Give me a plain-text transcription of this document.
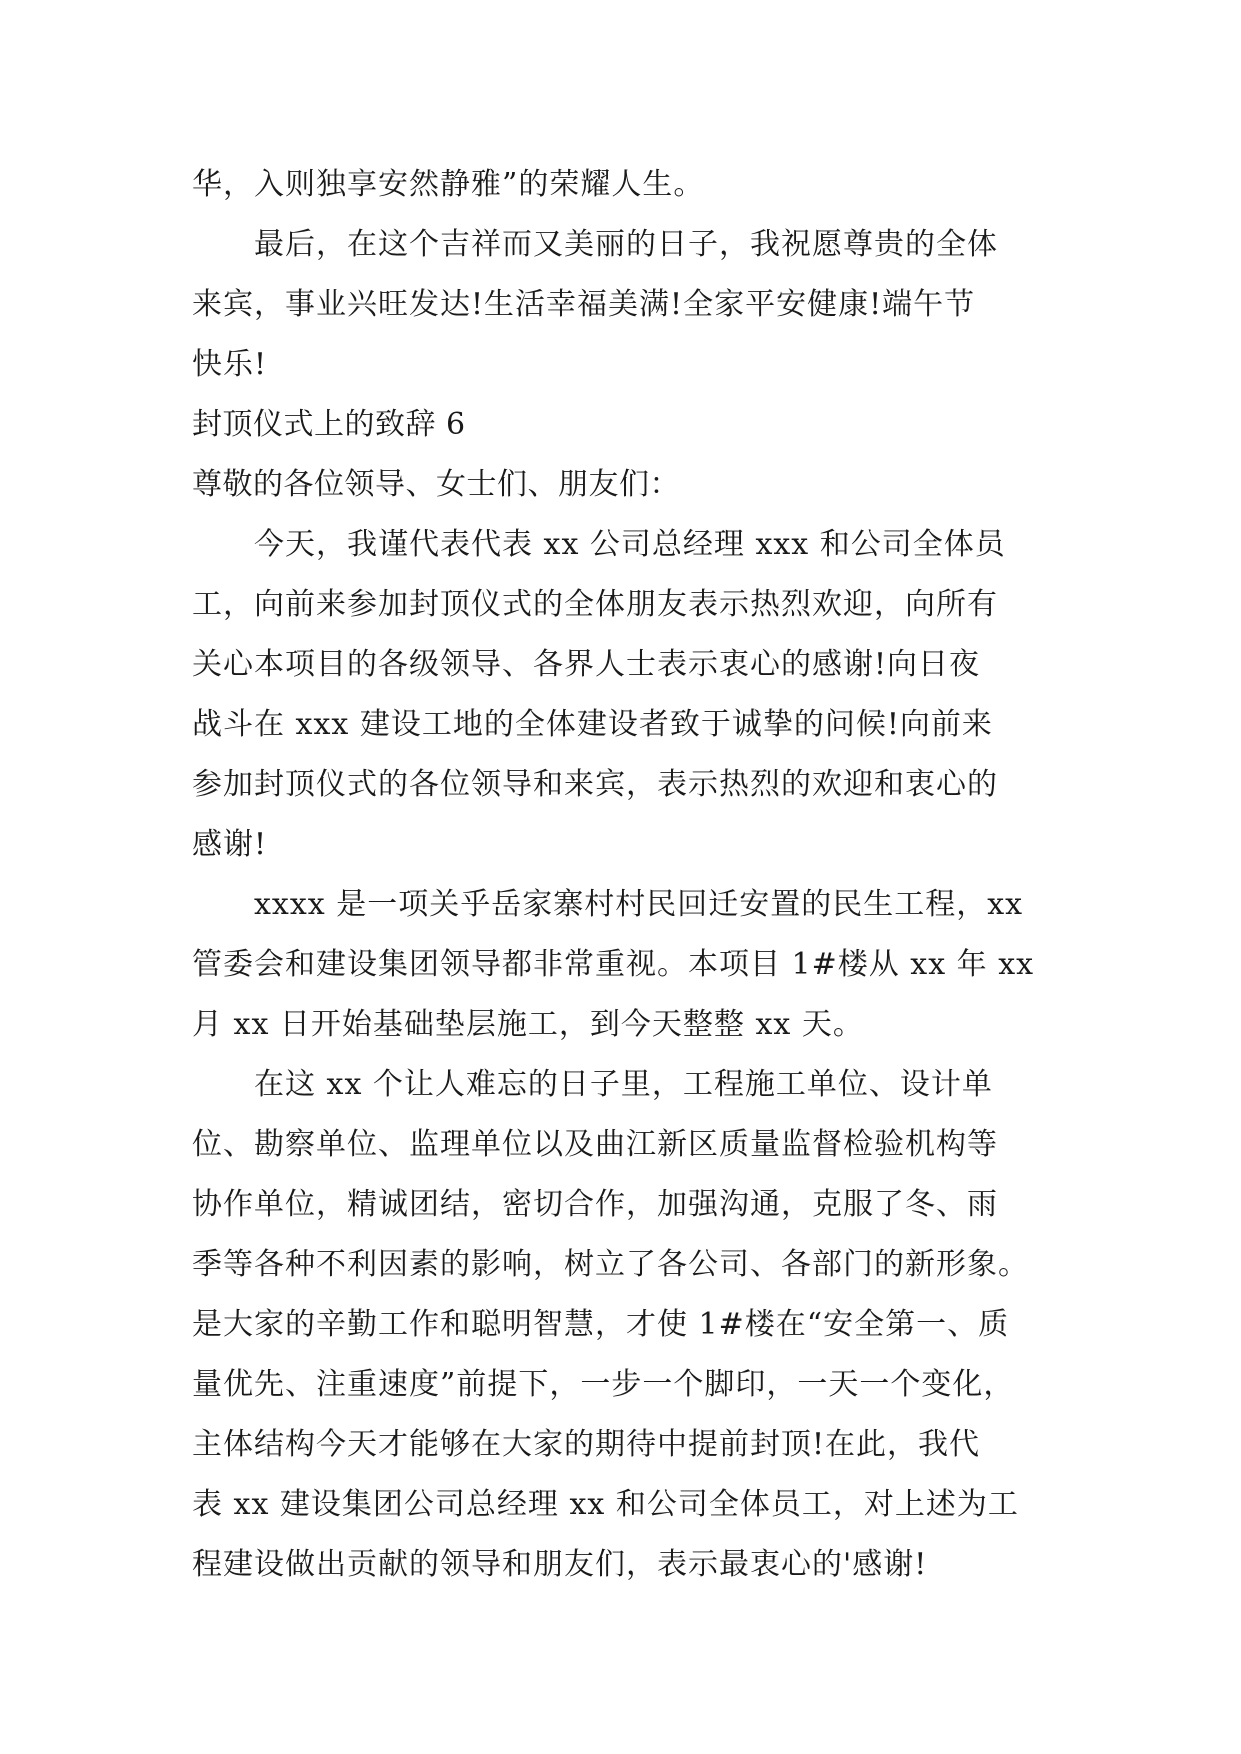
华，入则独享安然静雅”的荣耀人生。
最后，在这个吉祥而又美丽的日子，我祝愿尊贵的全体
来宾，事业兴旺发达!生活幸福美满!全家平安健康!端午节
快乐!
封顶仪式上的致辞 6
尊敬的各位领导、女士们、朋友们：
今天，我谨代表代表 xx 公司总经理 xxx 和公司全体员
工，向前来参加封顶仪式的全体朋友表示热烈欢迎，向所有
关心本项目的各级领导、各界人士表示衷心的感谢!向日夜
战斗在 xxx 建设工地的全体建设者致于诚挚的问候!向前来
参加封顶仪式的各位领导和来宾，表示热烈的欢迎和衷心的
感谢!
xxxx 是一项关乎岳家寨村村民回迁安置的民生工程，xx
管委会和建设集团领导都非常重视。本项目 1#楼从 xx 年 xx
月 xx 日开始基础垫层施工，到今天整整 xx 天。
在这 xx 个让人难忘的日子里，工程施工单位、设计单
位、勘察单位、监理单位以及曲江新区质量监督检验机构等
协作单位，精诚团结，密切合作，加强沟通，克服了冬、雨
季等各种不利因素的影响，树立了各公司、各部门的新形象。
是大家的辛勤工作和聪明智慧，才使 1#楼在“安全第一、质
量优先、注重速度”前提下，一步一个脚印，一天一个变化，
主体结构今天才能够在大家的期待中提前封顶!在此，我代
表 xx 建设集团公司总经理 xx 和公司全体员工，对上述为工
程建设做出贡献的领导和朋友们，表示最衷心的'感谢!
